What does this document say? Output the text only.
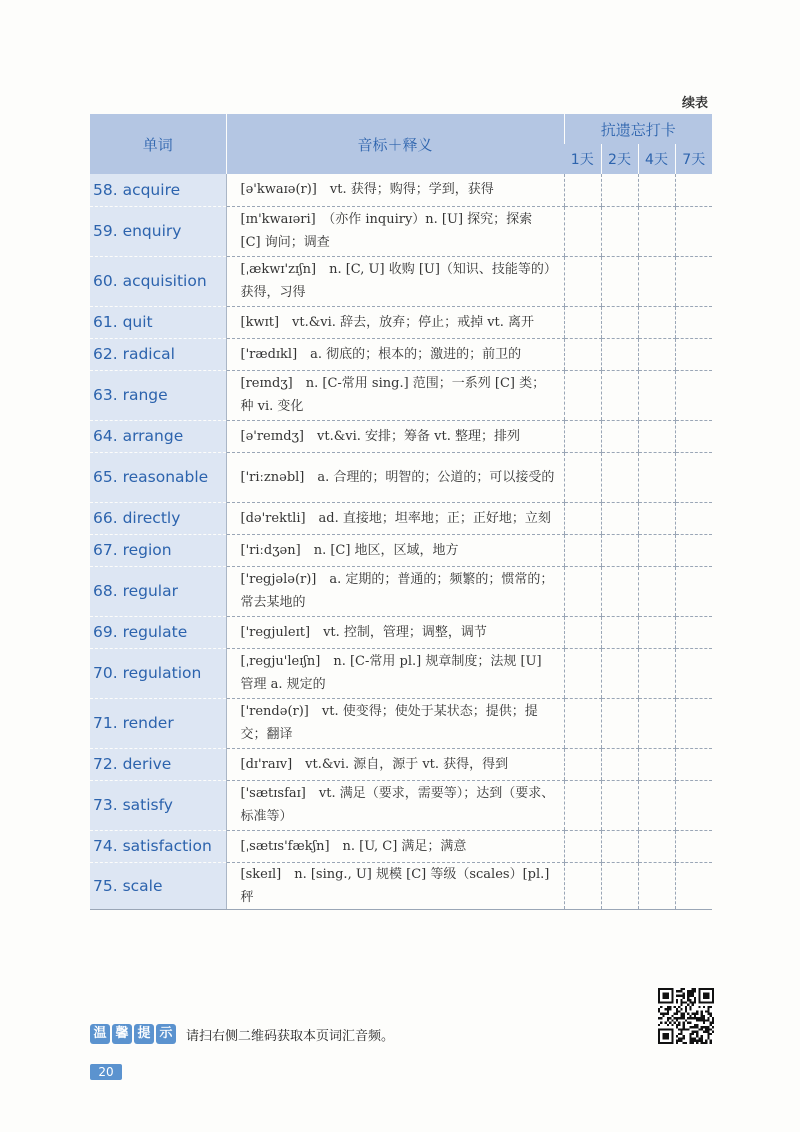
续表
单词	音标＋释义	抗遗忘打卡			
		1天	2天	4天	7天
58. acquire	[ə'kwaɪə(r)]　vt. 获得；购得；学到，获得				
59. enquiry	[ɪn'kwaɪəri]　（亦作 inquiry）n. [U] 探究；探索 [C] 询问；调查				
60. acquisition	[ˌækwɪ'zɪʃn]　n. [C, U] 收购 [U]（知识、技能等的）获得，习得				
61. quit	[kwɪt]　vt.&vi. 辞去，放弃；停止；戒掉 vt. 离开				
62. radical	['rædɪkl]　a. 彻底的；根本的；激进的；前卫的				
63. range	[reɪndʒ]　n. [C-常用 sing.] 范围；一系列 [C] 类；种 vi. 变化				
64. arrange	[ə'reɪndʒ]　vt.&vi. 安排；筹备 vt. 整理；排列				
65. reasonable	['riːznəbl]　a. 合理的；明智的；公道的；可以接受的				
66. directly	[də'rektli]　ad. 直接地；坦率地；正；正好地；立刻				
67. region	['riːdʒən]　n. [C] 地区，区域，地方				
68. regular	['regjələ(r)]　a. 定期的；普通的；频繁的；惯常的；常去某地的				
69. regulate	['regjuleɪt]　vt. 控制，管理；调整，调节				
70. regulation	[ˌregju'leɪʃn]　n. [C-常用 pl.] 规章制度；法规 [U] 管理 a. 规定的				
71. render	['rendə(r)]　vt. 使变得；使处于某状态；提供；提交；翻译				
72. derive	[dɪ'raɪv]　vt.&vi. 源自，源于 vt. 获得，得到				
73. satisfy	['sætɪsfaɪ]　vt. 满足（要求，需要等）；达到（要求、标准等）				
74. satisfaction	[ˌsætɪs'fækʃn]　n. [U, C] 满足；满意				
75. scale	[skeɪl]　n. [sing., U] 规模 [C] 等级（scales）[pl.] 秤				
温 馨 提 示 请扫右侧二维码获取本页词汇音频。
20
